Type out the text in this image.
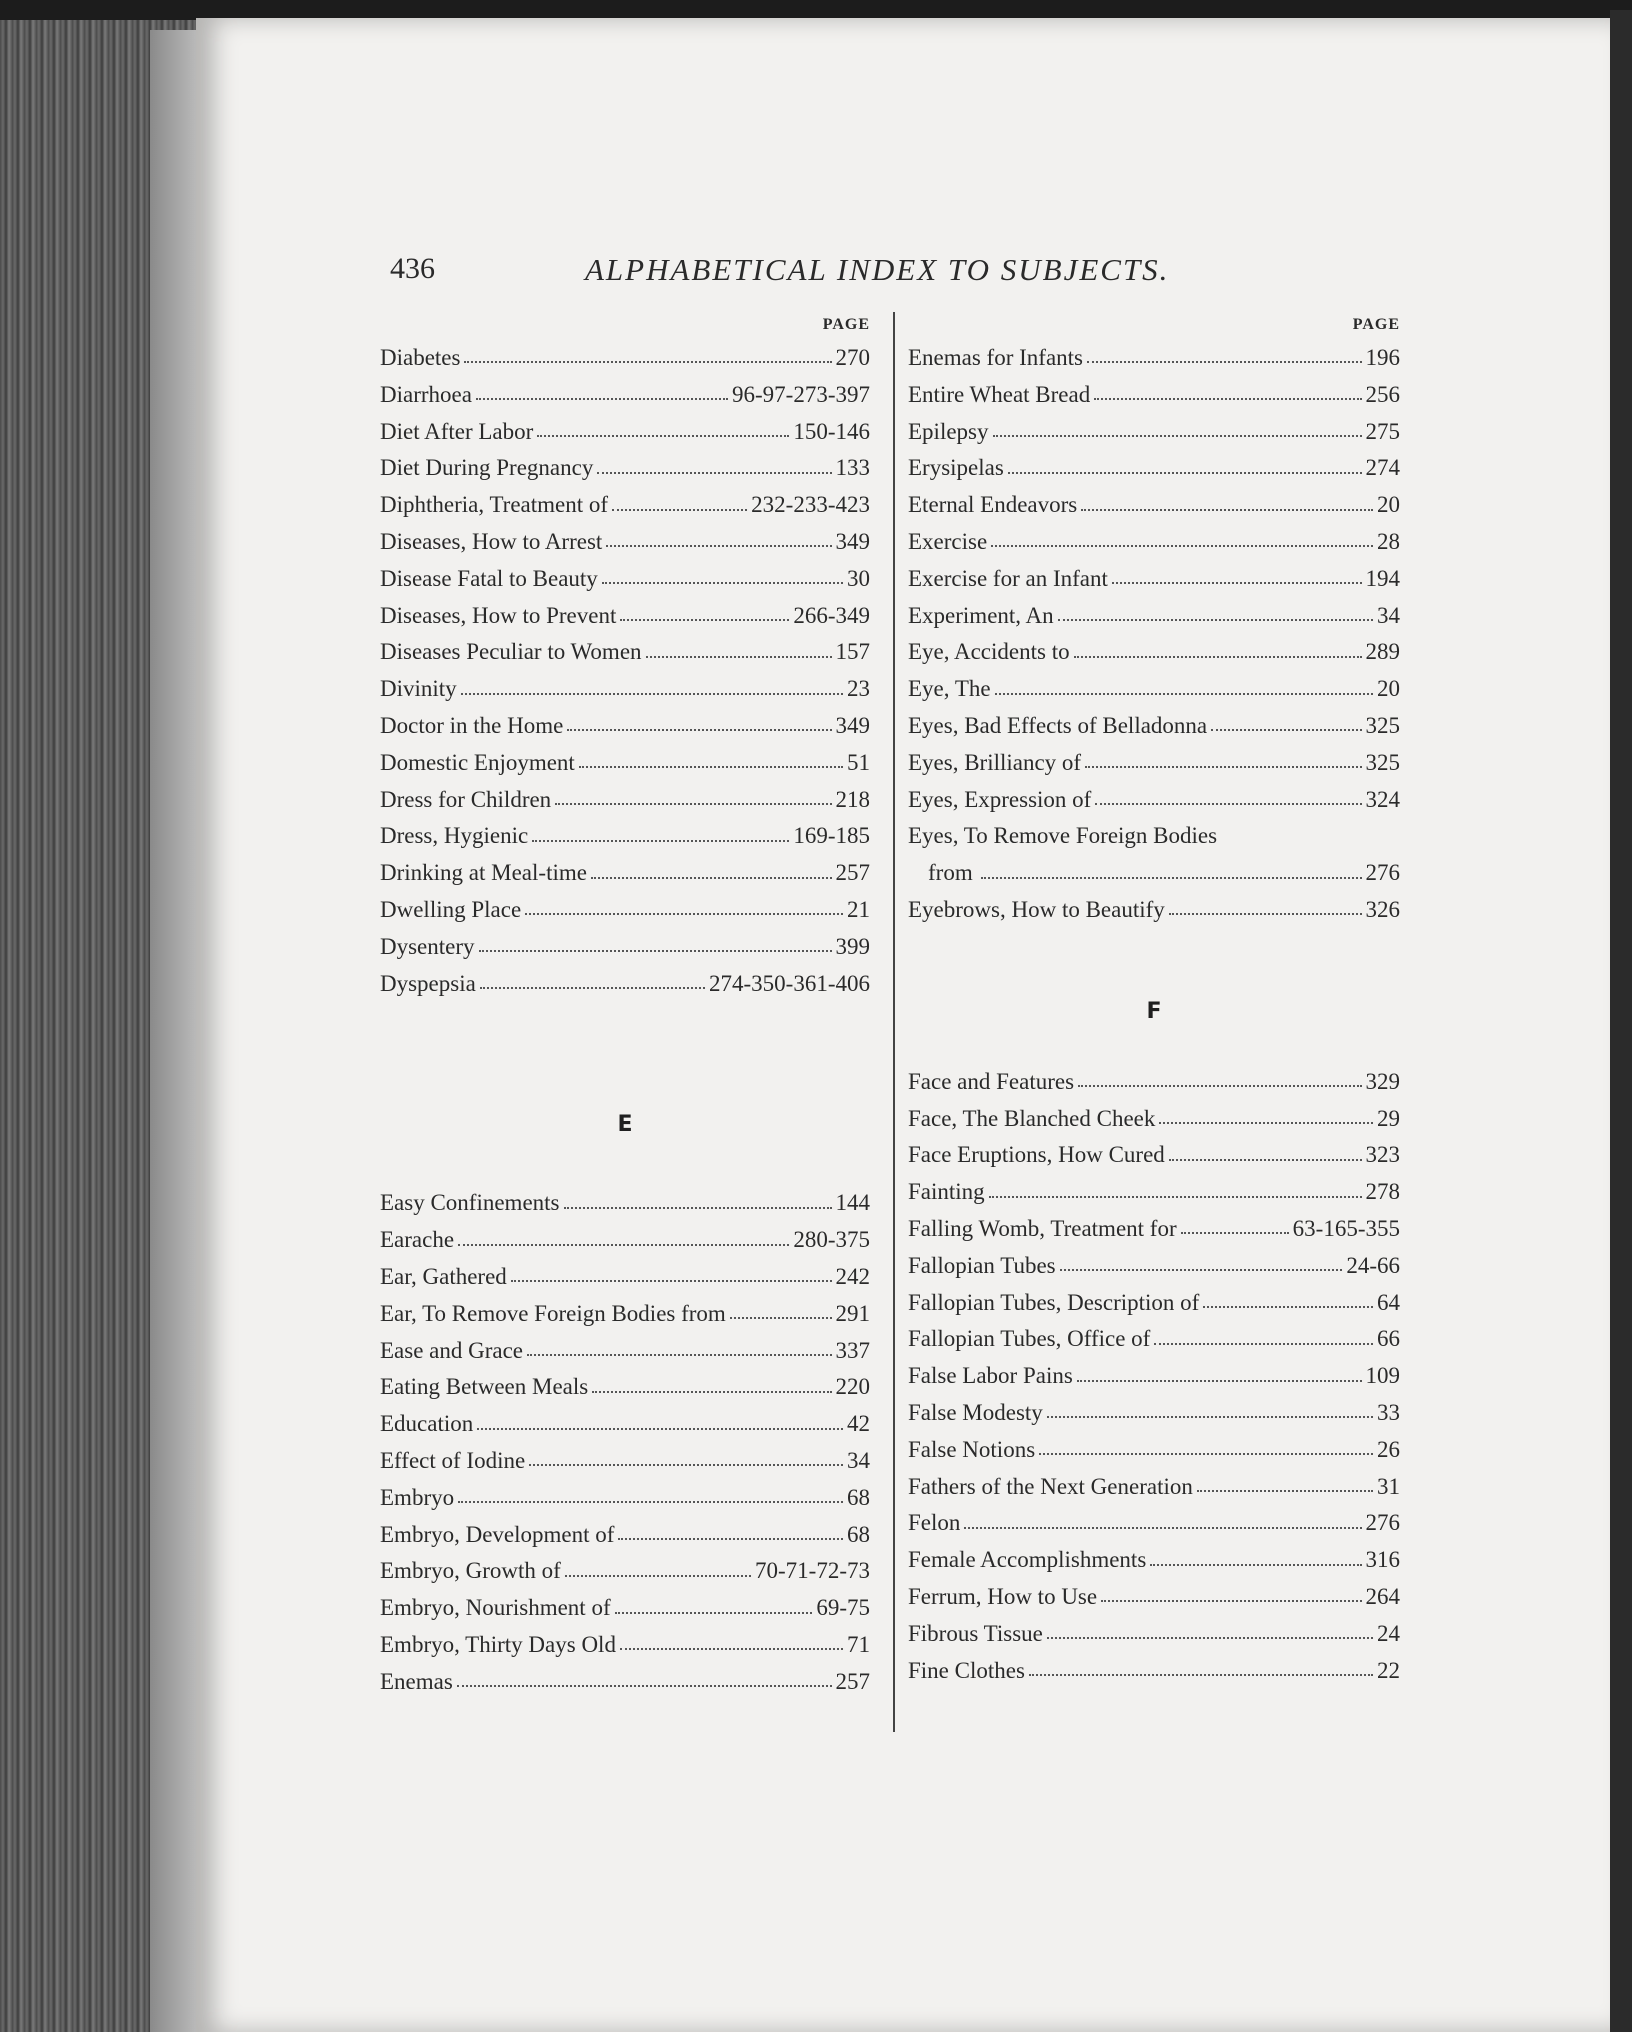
436	ALPHABETICAL INDEX TO SUBJECTS.
PAGE
Diabetes	270
Diarrhoea	96-97-273-397
Diet After Labor	150-146
Diet During Pregnancy	133
Diphtheria, Treatment of	232-233-423
Diseases, How to Arrest	349
Disease Fatal to Beauty	30
Diseases, How to Prevent	266-349
Diseases Peculiar to Women	157
Divinity	23
Doctor in the Home	349
Domestic Enjoyment	51
Dress for Children	218
Dress, Hygienic	169-185
Drinking at Meal-time	257
Dwelling Place	21
Dysentery	399
Dyspepsia	274-350-361-406
E
Easy Confinements	144
Earache	280-375
Ear, Gathered	242
Ear, To Remove Foreign Bodies from	291
Ease and Grace	337
Eating Between Meals	220
Education	42
Effect of Iodine	34
Embryo	68
Embryo, Development of	68
Embryo, Growth of	70-71-72-73
Embryo, Nourishment of	69-75
Embryo, Thirty Days Old	71
Enemas	257
PAGE
Enemas for Infants	196
Entire Wheat Bread	256
Epilepsy	275
Erysipelas	274
Eternal Endeavors	20
Exercise	28
Exercise for an Infant	194
Experiment, An	34
Eye, Accidents to	289
Eye, The	20
Eyes, Bad Effects of Belladonna	325
Eyes, Brilliancy of	325
Eyes, Expression of	324
Eyes, To Remove Foreign Bodies
from	276
Eyebrows, How to Beautify	326
F
Face and Features	329
Face, The Blanched Cheek	29
Face Eruptions, How Cured	323
Fainting	278
Falling Womb, Treatment for	63-165-355
Fallopian Tubes	24-66
Fallopian Tubes, Description of	64
Fallopian Tubes, Office of	66
False Labor Pains	109
False Modesty	33
False Notions	26
Fathers of the Next Generation	31
Felon	276
Female Accomplishments	316
Ferrum, How to Use	264
Fibrous Tissue	24
Fine Clothes	22
